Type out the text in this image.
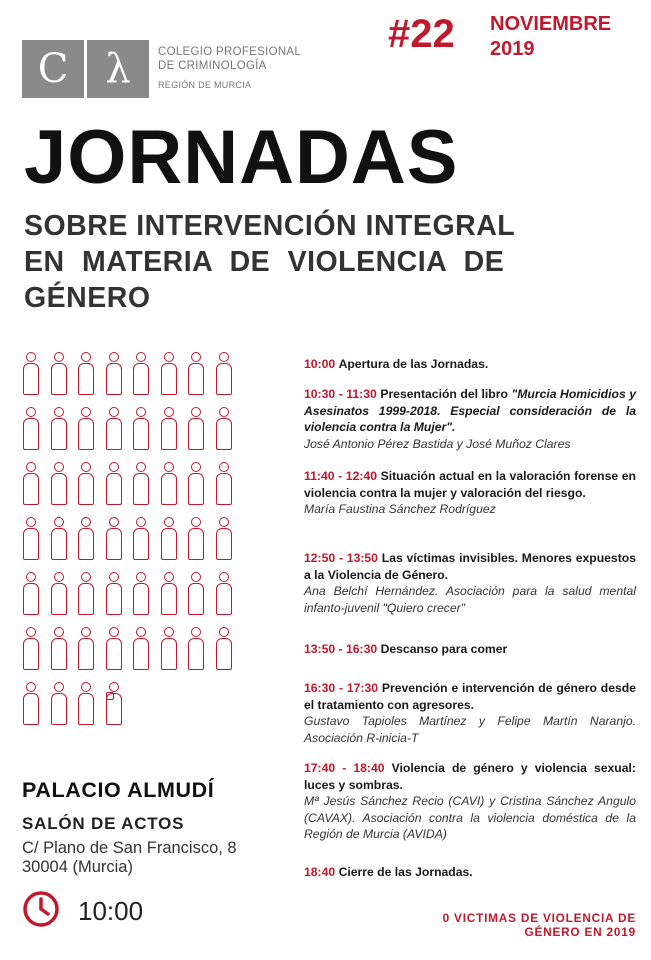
C λ	COLEGIO PROFESIONAL
DE CRIMINOLOGÍA
REGIÓN DE MURCIA
#22 NOVIEMBRE
2019
JORNADAS
SOBRE INTERVENCIÓN INTEGRAL
EN MATERIA DE VIOLENCIA DE
GÉNERO
10:00 Apertura de las Jornadas.
10:30 - 11:30 Presentación del libro "Murcia Homicidios y Asesinatos 1999-2018. Especial consideración de la violencia contra la Mujer".
José Antonio Pérez Bastida y José Muñoz Clares
11:40 - 12:40 Situación actual en la valoración forense en violencia contra la mujer y valoración del riesgo.
María Faustina Sánchez Rodríguez
12:50 - 13:50 Las víctimas invisibles. Menores expuestos a la Violencia de Género.
Ana Belchí Hernández. Asociación para la salud mental infanto-juvenil "Quiero crecer"
13:50 - 16:30 Descanso para comer
16:30 - 17:30 Prevención e intervención de género desde el tratamiento con agresores.
Gustavo Tapioles Martínez y Felipe Martín Naranjo. Asociación R-inicia-T
17:40 - 18:40 Violencia de género y violencia sexual: luces y sombras.
Mª Jesús Sánchez Recio (CAVI) y Cristina Sánchez Angulo (CAVAX). Asociación contra la violencia doméstica de la Región de Murcia (AVIDA)
18:40 Cierre de las Jornadas.
PALACIO ALMUDÍ
SALÓN DE ACTOS
C/ Plano de San Francisco, 8
30004 (Murcia)
10:00	0 VICTIMAS DE VIOLENCIA DE
GÉNERO EN 2019
